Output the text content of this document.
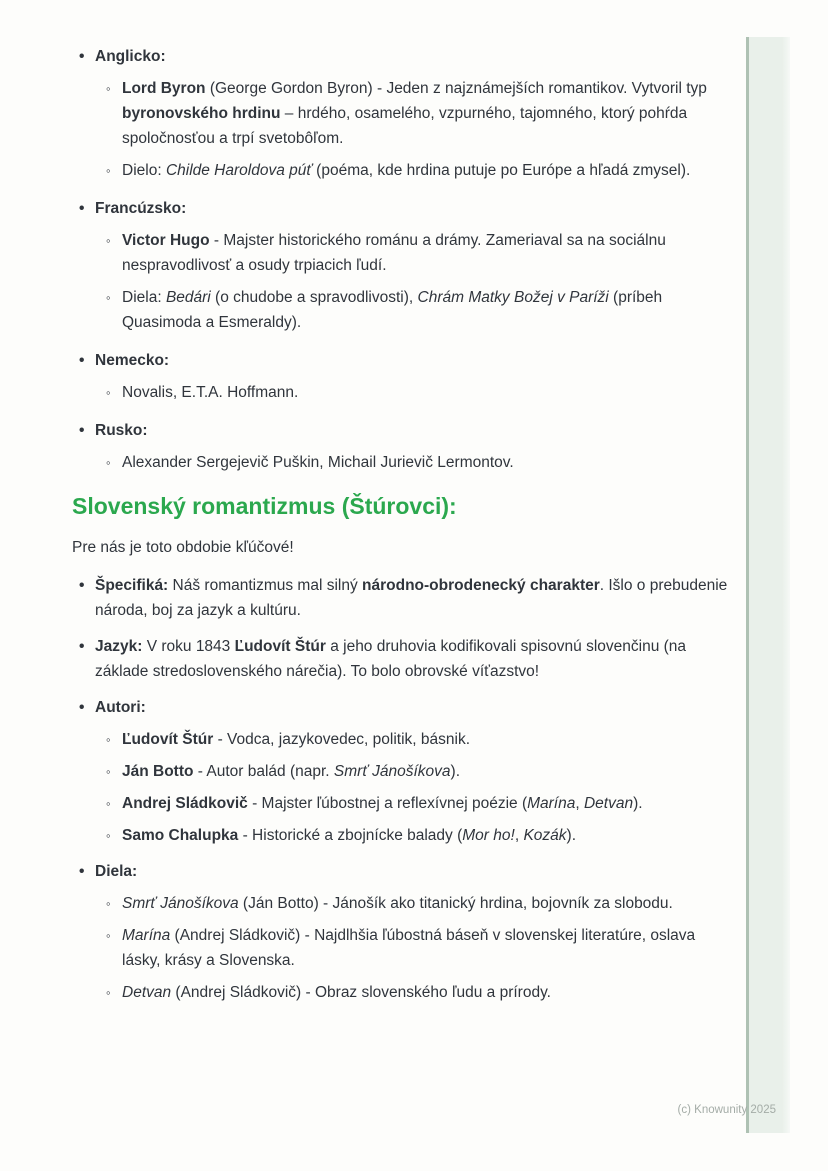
• Anglicko:
◦ Lord Byron (George Gordon Byron) - Jeden z najznámejších romantikov. Vytvoril typ byronovského hrdinu – hrdého, osamelého, vzpurného, tajomného, ktorý pohŕda spoločnosťou a trpí svetobôľom.
◦ Dielo: Childe Haroldova púť (poéma, kde hrdina putuje po Európe a hľadá zmysel).
• Francúzsko:
◦ Victor Hugo - Majster historického románu a drámy. Zameriaval sa na sociálnu nespravodlivosť a osudy trpiacich ľudí.
◦ Diela: Bedári (o chudobe a spravodlivosti), Chrám Matky Božej v Paríži (príbeh Quasimoda a Esmeraldy).
• Nemecko:
◦ Novalis, E.T.A. Hoffmann.
• Rusko:
◦ Alexander Sergejevič Puškin, Michail Jurievič Lermontov.
Slovenský romantizmus (Štúrovci):

Pre nás je toto obdobie kľúčové!

• Špecifiká: Náš romantizmus mal silný národno-obrodenecký charakter. Išlo o prebudenie národa, boj za jazyk a kultúru.
• Jazyk: V roku 1843 Ľudovít Štúr a jeho druhovia kodifikovali spisovnú slovenčinu (na základe stredoslovenského nárečia). To bolo obrovské víťazstvo!
• Autori:
◦ Ľudovít Štúr - Vodca, jazykovedec, politik, básnik.
◦ Ján Botto - Autor balád (napr. Smrť Jánošíkova).
◦ Andrej Sládkovič - Majster ľúbostnej a reflexívnej poézie (Marína, Detvan).
◦ Samo Chalupka - Historické a zbojnícke balady (Mor ho!, Kozák).
• Diela:
◦ Smrť Jánošíkova (Ján Botto) - Jánošík ako titanický hrdina, bojovník za slobodu.
◦ Marína (Andrej Sládkovič) - Najdlhšia ľúbostná báseň v slovenskej literatúre, oslava lásky, krásy a Slovenska.
◦ Detvan (Andrej Sládkovič) - Obraz slovenského ľudu a prírody.
(c) Knowunity 2025
